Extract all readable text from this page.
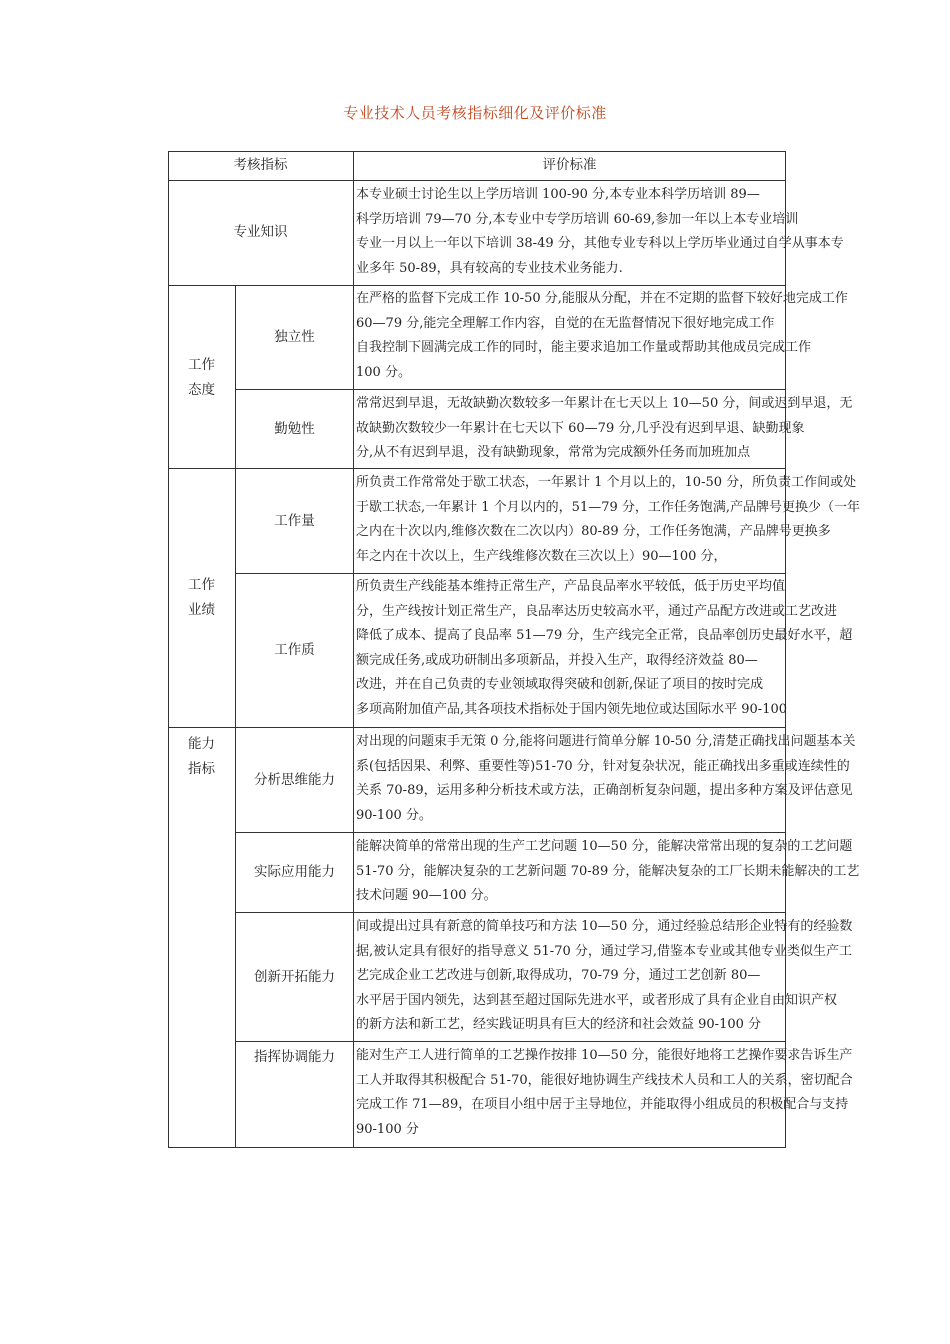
专业技术人员考核指标细化及评价标准
考核指标	评价标准
专业知识
本专业硕士讨论生以上学历培训 100-90 分,本专业本科学历培训 89—
科学历培训 79—70 分,本专业中专学历培训 60-69,参加一年以上本专业培训
专业一月以上一年以下培训 38-49 分，其他专业专科以上学历毕业通过自学从事本专
业多年 50-89，具有较高的专业技术业务能力.
工作
态度
独立性
在严格的监督下完成工作 10-50 分,能服从分配，并在不定期的监督下较好地完成工作
60—79 分,能完全理解工作内容，自觉的在无监督情况下很好地完成工作
自我控制下圆满完成工作的同时，能主要求追加工作量或帮助其他成员完成工作
100 分。
勤勉性
常常迟到早退，无故缺勤次数较多一年累计在七天以上 10—50 分，间或迟到早退，无
故缺勤次数较少一年累计在七天以下 60—79 分,几乎没有迟到早退、缺勤现象
分,从不有迟到早退，没有缺勤现象，常常为完成额外任务而加班加点
工作
业绩
工作量
所负责工作常常处于歇工状态，一年累计 1 个月以上的，10-50 分，所负责工作间或处
于歇工状态,一年累计 1 个月以内的，51—79 分，工作任务饱满,产品牌号更换少（一年
之内在十次以内,维修次数在二次以内）80-89 分，工作任务饱满，产品牌号更换多
年之内在十次以上，生产线维修次数在三次以上）90—100 分，
工作质
所负责生产线能基本维持正常生产，产品良品率水平较低，低于历史平均值
分，生产线按计划正常生产，良品率达历史较高水平，通过产品配方改进或工艺改进
降低了成本、提高了良品率 51—79 分，生产线完全正常，良品率创历史最好水平，超
额完成任务,或成功研制出多项新品，并投入生产，取得经济效益 80—
改进，并在自己负责的专业领域取得突破和创新,保证了项目的按时完成
多项高附加值产品,其各项技术指标处于国内领先地位或达国际水平 90-100
能力
指标
分析思维能力
对出现的问题束手无策 0 分,能将问题进行简单分解 10-50 分,清楚正确找出问题基本关
系(包括因果、利弊、重要性等)51-70 分，针对复杂状况，能正确找出多重或连续性的
关系 70-89，运用多种分析技术或方法，正确剖析复杂问题，提出多种方案及评估意见
90-100 分。
实际应用能力
能解决简单的常常出现的生产工艺问题 10—50 分，能解决常常出现的复杂的工艺问题
51-70 分，能解决复杂的工艺新问题 70-89 分，能解决复杂的工厂长期未能解决的工艺
技术问题 90—100 分。
创新开拓能力
间或提出过具有新意的简单技巧和方法 10—50 分，通过经验总结形企业特有的经验数
据,被认定具有很好的指导意义 51-70 分，通过学习,借鉴本专业或其他专业类似生产工
艺完成企业工艺改进与创新,取得成功，70-79 分，通过工艺创新 80—
水平居于国内领先，达到甚至超过国际先进水平，或者形成了具有企业自由知识产权
的新方法和新工艺，经实践证明具有巨大的经济和社会效益 90-100 分
指挥协调能力	能对生产工人进行简单的工艺操作按排 10—50 分，能很好地将工艺操作要求告诉生产
工人并取得其积极配合 51-70，能很好地协调生产线技术人员和工人的关系，密切配合
完成工作 71—89，在项目小组中居于主导地位，并能取得小组成员的积极配合与支持
90-100 分
